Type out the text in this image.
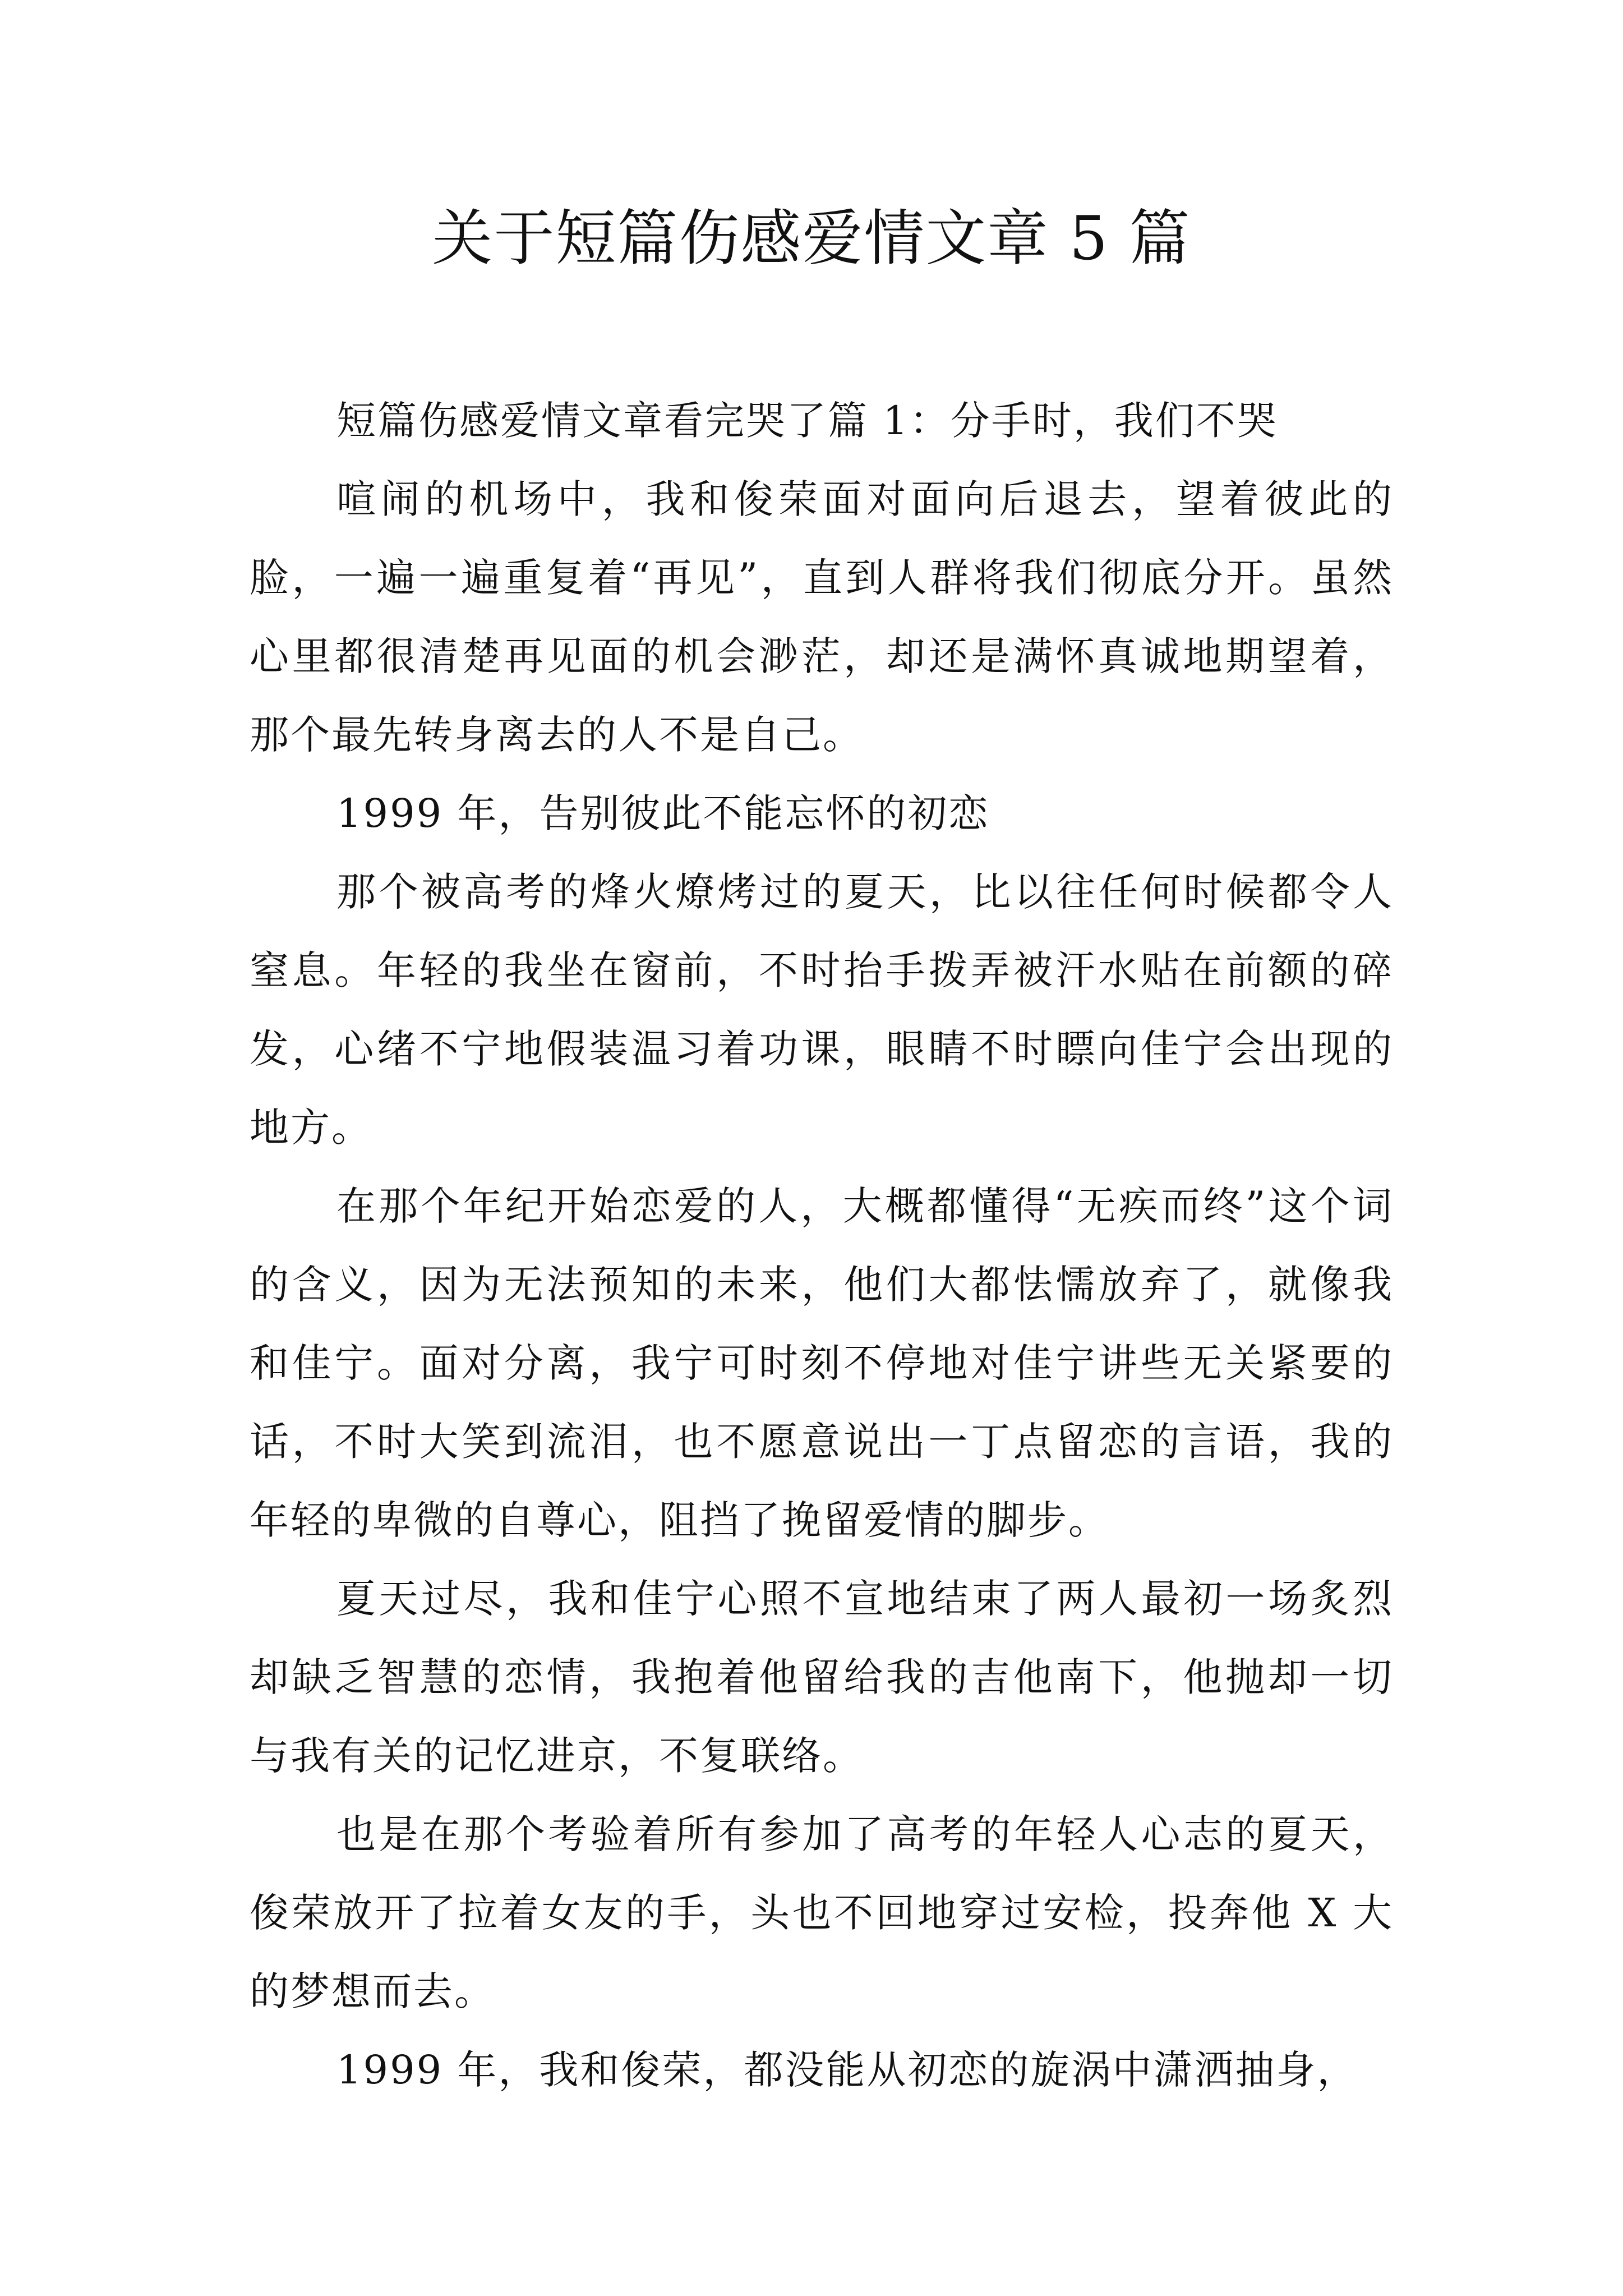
关于短篇伤感爱情文章 5 篇

短篇伤感爱情文章看完哭了篇 1：分手时，我们不哭

喧闹的机场中，我和俊荣面对面向后退去，望着彼此的脸，一遍一遍重复着“再见”，直到人群将我们彻底分开。虽然心里都很清楚再见面的机会渺茫，却还是满怀真诚地期望着，那个最先转身离去的人不是自己。

1999 年，告别彼此不能忘怀的初恋

那个被高考的烽火燎烤过的夏天，比以往任何时候都令人窒息。年轻的我坐在窗前，不时抬手拨弄被汗水贴在前额的碎发，心绪不宁地假装温习着功课，眼睛不时瞟向佳宁会出现的地方。

在那个年纪开始恋爱的人，大概都懂得“无疾而终”这个词的含义，因为无法预知的未来，他们大都怯懦放弃了，就像我和佳宁。面对分离，我宁可时刻不停地对佳宁讲些无关紧要的话，不时大笑到流泪，也不愿意说出一丁点留恋的言语，我的年轻的卑微的自尊心，阻挡了挽留爱情的脚步。

夏天过尽，我和佳宁心照不宣地结束了两人最初一场炙烈却缺乏智慧的恋情，我抱着他留给我的吉他南下，他抛却一切与我有关的记忆进京，不复联络。

也是在那个考验着所有参加了高考的年轻人心志的夏天，俊荣放开了拉着女友的手，头也不回地穿过安检，投奔他 X 大的梦想而去。

1999 年，我和俊荣，都没能从初恋的旋涡中潇洒抽身，
